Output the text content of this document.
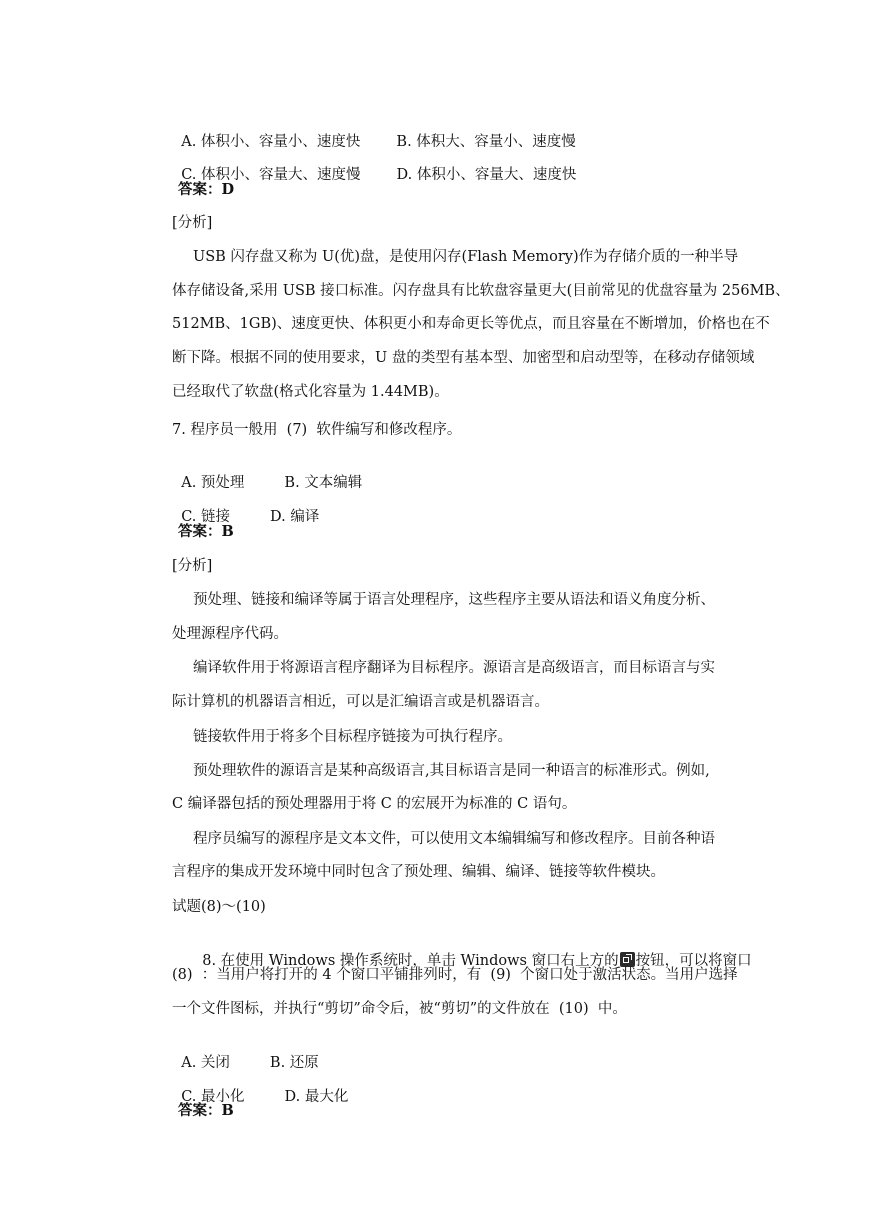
A. 体积小、容量小、速度快 B. 体积大、容量小、速度慢

C. 体积小、容量大、速度慢 D. 体积小、容量大、速度快

答案：D
[分析]
USB 闪存盘又称为 U(优)盘，是使用闪存(Flash Memory)作为存储介质的一种半导
体存储设备,采用 USB 接口标准。闪存盘具有比软盘容量更大(目前常见的优盘容量为 256MB、
512MB、1GB)、速度更快、体积更小和寿命更长等优点，而且容量在不断增加，价格也在不
断下降。根据不同的使用要求，U 盘的类型有基本型、加密型和启动型等，在移动存储领域
已经取代了软盘(格式化容量为 1.44MB)。
7. 程序员一般用  (7)  软件编写和修改程序。

A. 预处理	B. 文本编辑

C. 链接	D. 编译

答案：B
[分析]
预处理、链接和编译等属于语言处理程序，这些程序主要从语法和语义角度分析、
处理源程序代码。
编译软件用于将源语言程序翻译为目标程序。源语言是高级语言，而目标语言与实
际计算机的机器语言相近，可以是汇编语言或是机器语言。
链接软件用于将多个目标程序链接为可执行程序。
预处理软件的源语言是某种高级语言,其目标语言是同一种语言的标准形式。例如,
C 编译器包括的预处理器用于将 C 的宏展开为标准的 C 语句。
程序员编写的源程序是文本文件，可以使用文本编辑编写和修改程序。目前各种语
言程序的集成开发环境中同时包含了预处理、编辑、编译、链接等软件模块。
试题(8)～(10)

8. 在使用 Windows 操作系统时，单击 Windows 窗口右上方的 按钮，可以将窗口

(8)  ：当用户将打开的 4 个窗口平铺排列时，有  (9)  个窗口处于激活状态。当用户选择
一个文件图标，并执行“剪切”命令后，被“剪切”的文件放在  (10)  中。

A. 关闭	B. 还原

C. 最小化	D. 最大化

答案：B
